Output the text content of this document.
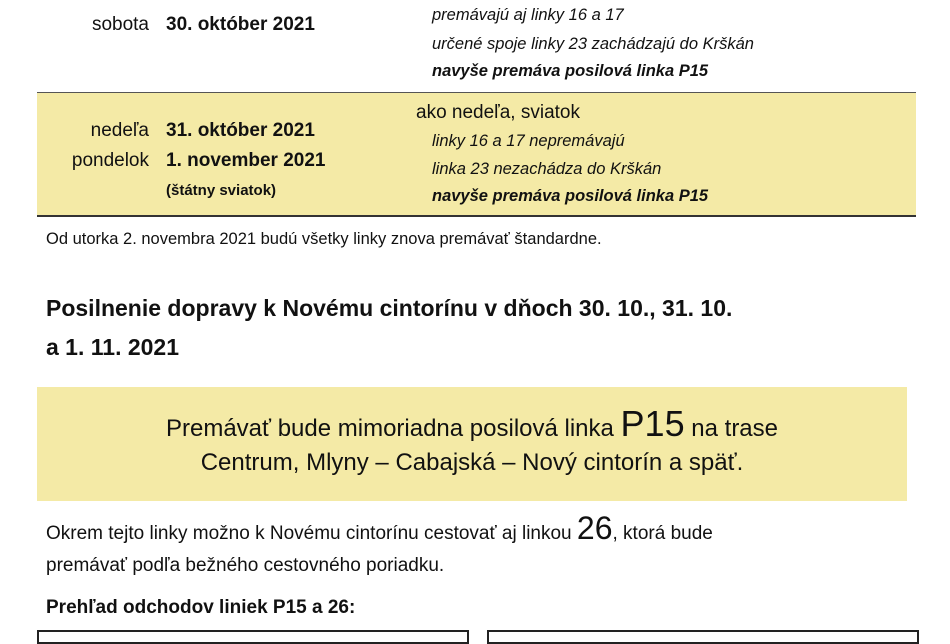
sobota 30. október 2021	premávajú aj linky 16 a 17
určené spoje linky 23 zachádzajú do Krškán
navyše premáva posilová linka P15
nedeľa
pondelok
31. október 2021
1. november 2021
(štátny sviatok)
ako nedeľa, sviatok
linky 16 a 17 nepremávajú
linka 23 nezachádza do Krškán
navyše premáva posilová linka P15
Od utorka 2. novembra 2021 budú všetky linky znova premávať štandardne.
Posilnenie dopravy k Novému cintorínu v dňoch 30. 10., 31. 10.
a 1. 11. 2021
Premávať bude mimoriadna posilová linka P15 na trase
Centrum, Mlyny – Cabajská – Nový cintorín a späť.
Okrem tejto linky možno k Novému cintorínu cestovať aj linkou 26, ktorá bude
premávať podľa bežného cestovného poriadku.
Prehľad odchodov liniek P15 a 26:
